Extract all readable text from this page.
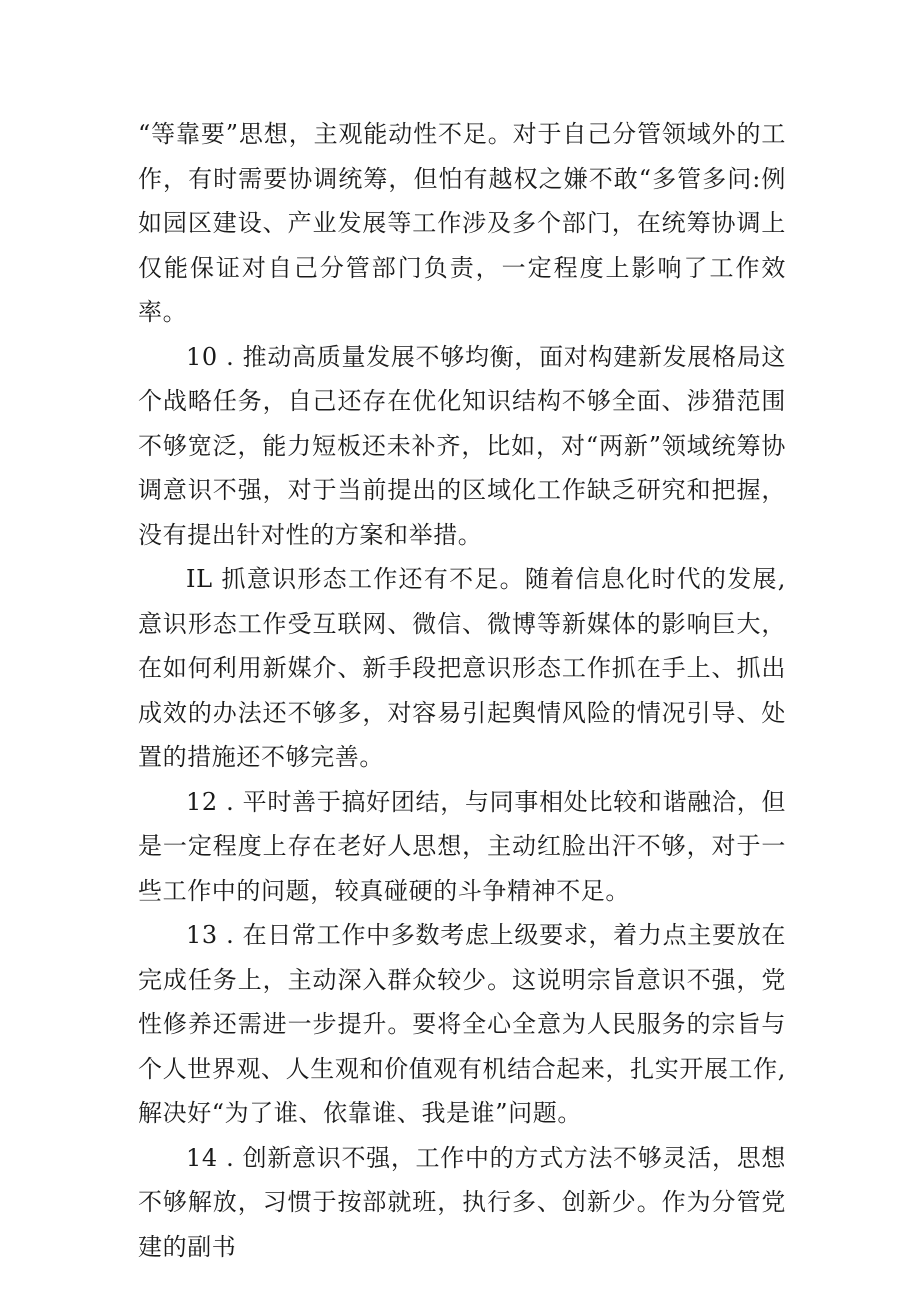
“等靠要”思想，主观能动性不足。对于自己分管领域外的工作，有时需要协调统筹，但怕有越权之嫌不敢“多管多问:例如园区建设、产业发展等工作涉及多个部门，在统筹协调上仅能保证对自己分管部门负责，一定程度上影响了工作效率。

10 . 推动高质量发展不够均衡，面对构建新发展格局这个战略任务，自己还存在优化知识结构不够全面、涉猎范围不够宽泛，能力短板还未补齐，比如，对“两新”领域统筹协调意识不强，对于当前提出的区域化工作缺乏研究和把握，没有提出针对性的方案和举措。

IL 抓意识形态工作还有不足。随着信息化时代的发展,意识形态工作受互联网、微信、微博等新媒体的影响巨大，在如何利用新媒介、新手段把意识形态工作抓在手上、抓出成效的办法还不够多，对容易引起舆情风险的情况引导、处置的措施还不够完善。

12 . 平时善于搞好团结，与同事相处比较和谐融洽，但是一定程度上存在老好人思想，主动红脸出汗不够，对于一些工作中的问题，较真碰硬的斗争精神不足。

13 . 在日常工作中多数考虑上级要求，着力点主要放在完成任务上，主动深入群众较少。这说明宗旨意识不强，党性修养还需进一步提升。要将全心全意为人民服务的宗旨与个人世界观、人生观和价值观有机结合起来，扎实开展工作,解决好“为了谁、依靠谁、我是谁”问题。

14 . 创新意识不强，工作中的方式方法不够灵活，思想不够解放，习惯于按部就班，执行多、创新少。作为分管党建的副书
